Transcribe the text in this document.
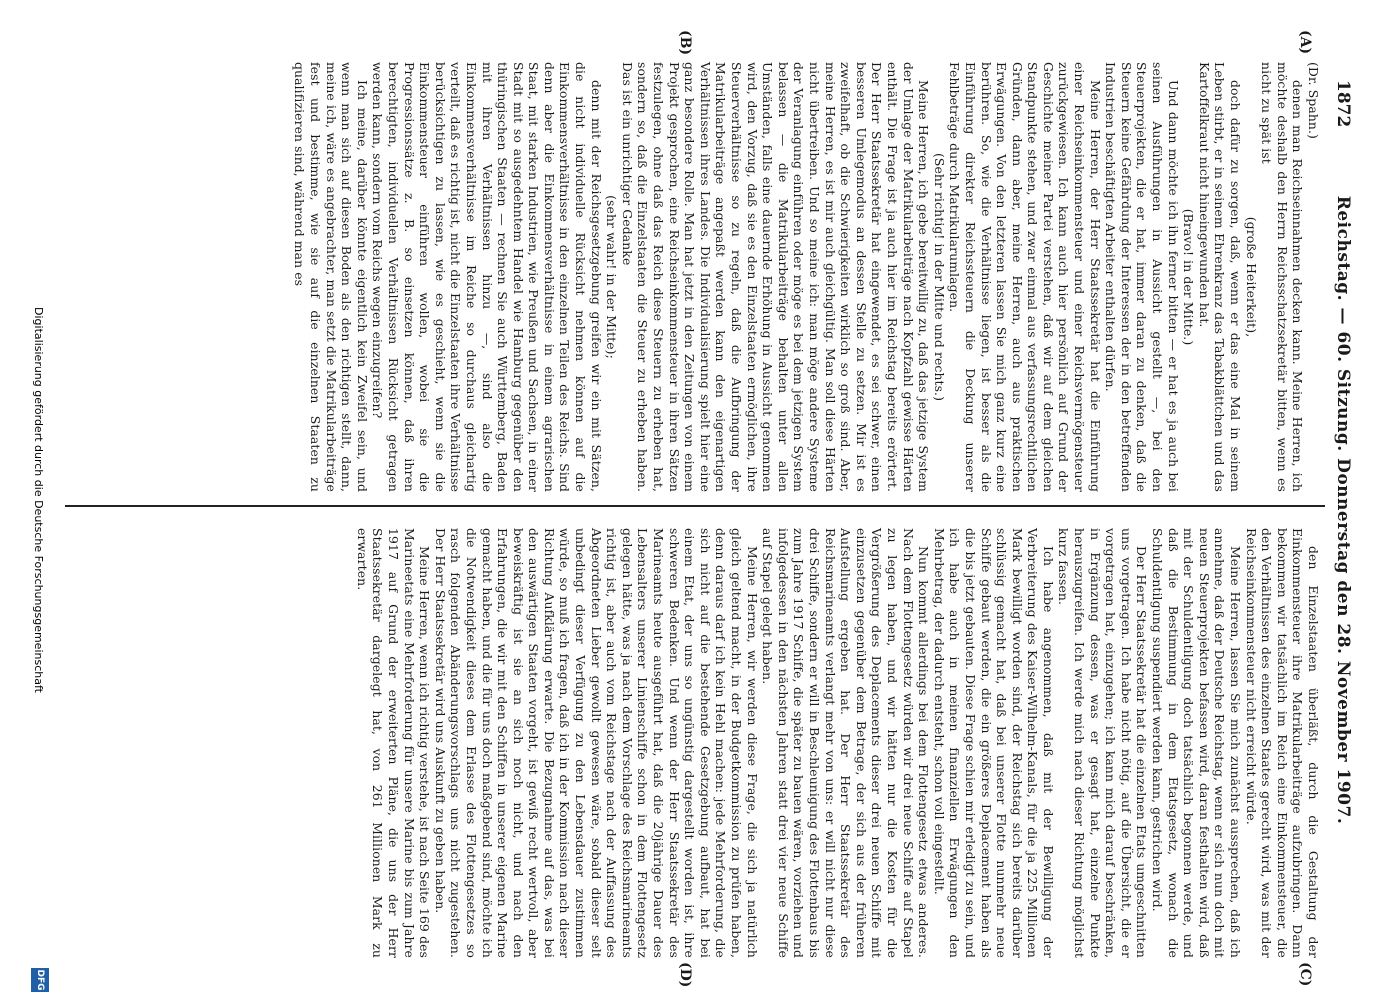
1872
Reichstag. — 60. Sitzung. Donnerstag den 28. November 1907.
(A)
(B)
(C)
(D)

(Dr. Spahn.)

denen man Reichseinnahmen decken kann. Meine Herren, ich möchte deshalb den Herrn Reichsschatzsekretär bitten, wenn es nicht zu spät ist

(große Heiterkeit),

doch dafür zu sorgen, daß, wenn er das eine Mal in seinem Leben stirbt, er in seinem Ehrenkranz das Tabakblättchen und das Kartoffelkraut nicht hineingewunden hat.

(Bravo! in der Mitte.)

Und dann möchte ich ihn ferner bitten — er hat es ja auch bei seinen Ausführungen in Aussicht gestellt —, bei den Steuerprojekten, die er hat, immer daran zu denken, daß die Steuern keine Gefährdung der Interessen der in den betreffenden Industrien beschäftigten Arbeiter enthalten dürfen.

Meine Herren, der Herr Staatssekretär hat die Einführung einer Reichseinkommensteuer und einer Reichsvermögensteuer zurückgewiesen. Ich kann auch hier persönlich auf Grund der Geschichte meiner Partei verstehen, daß wir auf dem gleichen Standpunkte stehen, und zwar einmal aus verfassungsrechtlichen Gründen, dann aber, meine Herren, auch aus praktischen Erwägungen. Von den letzteren lassen Sie mich ganz kurz eine berühren. So, wie die Verhältnisse liegen, ist besser als die Einführung direkter Reichssteuern die Deckung unserer Fehlbeträge durch Matrikularumlagen.

(Sehr richtig! in der Mitte und rechts.)

Meine Herren, ich gebe bereitwillig zu, daß das jetzige System der Umlage der Matrikularbeiträge nach Kopfzahl gewisse Härten enthält. Die Frage ist ja auch hier im Reichstag bereits erörtert. Der Herr Staatssekretär hat eingewendet, es sei schwer, einen besseren Umlegemodus an dessen Stelle zu setzen. Mir ist es zweifelhaft, ob die Schwierigkeiten wirklich so groß sind. Aber, meine Herren, es ist mir auch gleichgültig. Man soll diese Härten nicht übertreiben. Und so meine ich: man möge andere Systeme der Veranlagung einführen oder möge es bei dem jetzigen System belassen — die Matrikularbeiträge behalten unter allen Umständen, falls eine dauernde Erhöhung in Aussicht genommen wird, den Vorzug, daß sie es den Einzelstaaten ermöglichen, ihre Steuerverhältnisse so zu regeln, daß die Aufbringung der Matrikularbeiträge angepaßt werden kann den eigenartigen Verhältnissen ihres Landes. Die Individualisierung spielt hier eine ganz besondere Rolle. Man hat jetzt in den Zeitungen von einem Projekt gesprochen, eine Reichseinkommensteuer in ihren Sätzen festzulegen, ohne daß das Reich diese Steuern zu erheben hat, sondern so, daß die Einzelstaaten die Steuer zu erheben haben. Das ist ein unrichtiger Gedanke

(sehr wahr! in der Mitte);

denn mit der Reichsgesetzgebung greifen wir ein mit Sätzen, die nicht individuelle Rücksicht nehmen können auf die Einkommensverhältnisse in den einzelnen Teilen des Reichs. Sind denn aber die Einkommensverhältnisse in einem agrarischen Staat, mit starken Industrien, wie Preußen und Sachsen, in einer Stadt mit so ausgedehntem Handel wie Hamburg gegenüber den thüringischen Staaten — rechnen Sie auch Württemberg, Baden mit ihren Verhältnissen hinzu —, sind also die Einkommensverhältnisse im Reiche so durchaus gleichartig verteilt, daß es richtig ist, nicht die Einzelstaaten ihre Verhältnisse berücksichtigen zu lassen, wie es geschieht, wenn sie die Einkommensteuer einführen wollen, wobei sie die Progressionssätze z. B. so einsetzen können, daß ihren berechtigten, individuellen Verhältnissen Rücksicht getragen werden kann, sondern vom Reichs wegen einzugreifen?

Ich meine, darüber könnte eigentlich kein Zweifel sein, und wenn man sich auf diesen Boden als den richtigen stellt, dann, meine ich, wäre es angebrachter, man setzt die Matrikularbeiträge fest und bestimme, wie sie auf die einzelnen Staaten zu qualifizieren sind, während man es

den Einzelstaaten überläßt, durch die Gestaltung der Einkommensteuer ihre Matrikularbeiträge aufzubringen. Dann bekommen wir tatsächlich im Reich eine Einkommensteuer, die den Verhältnissen des einzelnen Staates gerecht wird, was mit der Reichseinkommensteuer nicht erreicht würde.

Meine Herren, lassen Sie mich zunächst aussprechen, daß ich annehme, daß der Deutsche Reichstag, wenn er sich nun doch mit neuen Steuerprojekten befassen wird, daran festhalten wird, daß mit der Schuldentilgung doch tatsächlich begonnen werde, und daß die Bestimmung in dem Etatsgesetz, wonach die Schuldentilgung suspendiert werden kann, gestrichen wird.

Der Herr Staatssekretär hat die einzelnen Etats umgeschnitten uns vorgetragen. Ich habe nicht nötig, auf die Übersicht, die er vorgetragen hat, einzugehen; ich kann mich darauf beschränken, in Ergänzung dessen, was er gesagt hat, einzelne Punkte herauszugreifen. Ich werde mich nach dieser Richtung möglichst kurz fassen.

Ich habe angenommen, daß mit der Bewilligung der Verbreiterung des Kaiser-Wilhelm-Kanals, für die ja 225 Millionen Mark bewilligt worden sind, der Reichstag sich bereits darüber schlüssig gemacht hat, daß bei unserer Flotte nunmehr neue Schiffe gebaut werden, die ein größeres Deplacement haben als die bis jetzt gebauten. Diese Frage schien mir erledigt zu sein, und ich habe auch in meinen finanziellen Erwägungen den Mehrbetrag, der dadurch entsteht, schon voll eingestellt.

Nun kommt allerdings bei dem Flottengesetz etwas anderes. Nach dem Flottengesetz würden wir drei neue Schiffe auf Stapel zu legen haben, und wir hätten nur die Kosten für die Vergrößerung des Deplacements dieser drei neuen Schiffe mit einzusetzen gegenüber dem Betrage, der sich aus der früheren Aufstellung ergeben hat. Der Herr Staatssekretär des Reichsmarineamts verlangt mehr von uns: er will nicht nur diese drei Schiffe, sondern er will in Beschleunigung des Flottenbaus bis zum Jahre 1917 Schiffe, die später zu bauen wären, vorziehen und infolgedessen in den nächsten Jahren statt drei vier neue Schiffe auf Stapel gelegt haben.

Meine Herren, wir werden diese Frage, die sich ja natürlich gleich geltend macht, in der Budgetkommission zu prüfen haben, denn daraus darf ich kein Hehl machen: jede Mehrforderung, die sich nicht auf die bestehende Gesetzgebung aufbaut, hat bei einem Etat, der uns so ungünstig dargestellt worden ist, ihre schweren Bedenken. Und wenn der Herr Staatssekretär des Marineamts heute ausgeführt hat, daß die 20jährige Dauer des Lebensalters unserer Linienschiffe schon in dem Flottengesetz gelegen hätte, was ja nach dem Vorschlage des Reichsmarineamts richtig ist, aber auch vom Reichstage nach der Auffassung des Abgeordneten Lieber gewollt gewesen wäre, sobald dieser selt unbedingt dieser Verfügung zu den Lebensdauer zustimmen würde, so muß ich fragen, daß ich in der Kommission nach dieser Richtung Aufklärung erwarte. Die Bezugnahme auf das, was bei den auswärtigen Staaten vorgeht, ist gewiß recht wertvoll, aber beweiskräftig ist sie an sich noch nicht, und nach den Erfahrungen, die wir mit den Schiffen in unserer eigenen Marine gemacht haben, und die für uns doch maßgebend sind, möchte ich die Notwendigkeit dieses dem Erlasse des Flottengesetzes so rasch folgenden Abänderungsvorschlags uns nicht zugestehen. Der Herr Staatssekretär wird uns Auskunft zu geben haben.

Meine Herren, wenn ich richtig verstehe, ist nach Seite 169 des Marineetats eine Mehrforderung für unsere Marine bis zum Jahre 1917 auf Grund der erweiterten Pläne, die uns der Herr Staatssekretär dargelegt hat, von 261 Millionen Mark zu erwarten.

Digitalisierung gefördert durch die Deutsche Forschungsgemeinschaft
DFG
